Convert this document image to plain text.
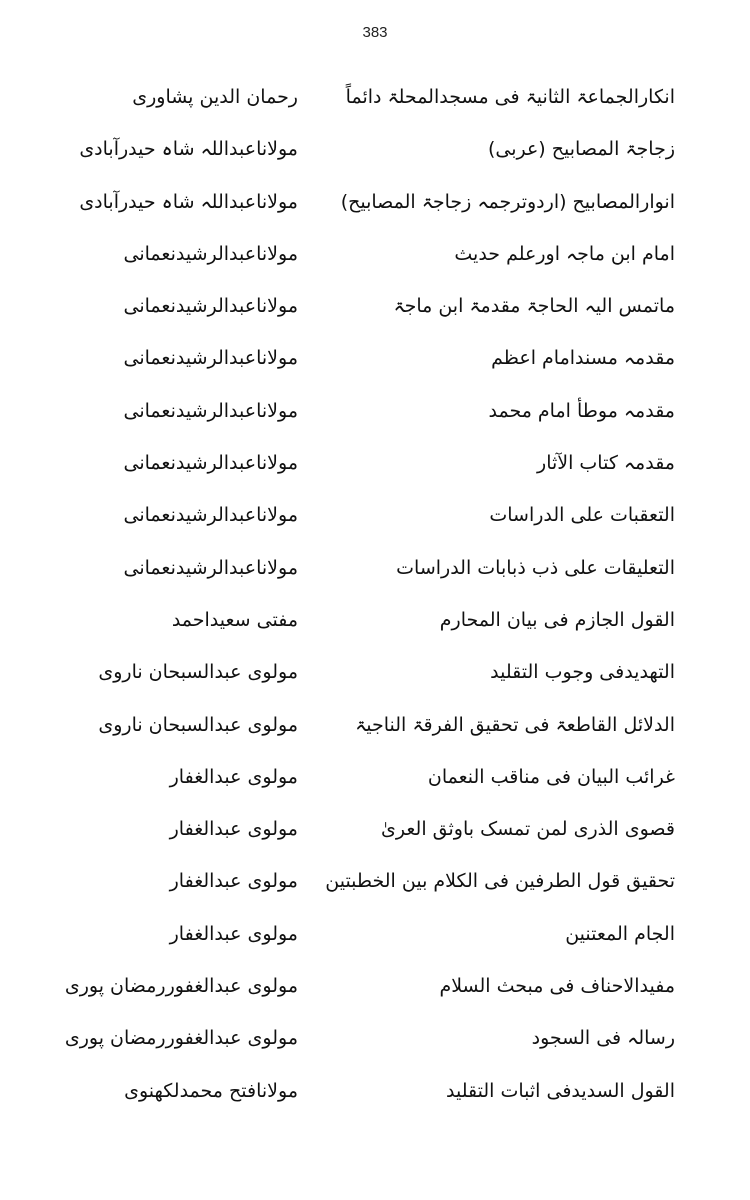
383
انکارالجماعۃ الثانیۃ فی مسجدالمحلۃ دائماً
رحمان الدین پشاوری
زجاجۃ المصابیح (عربی)
مولاناعبداللہ شاہ حیدرآبادی
انوارالمصابیح (اردوترجمہ زجاجۃ المصابیح)
مولاناعبداللہ شاہ حیدرآبادی
امام ابن ماجہ اورعلم حدیث
مولاناعبدالرشیدنعمانی
ماتمس الیہ الحاجۃ مقدمۃ ابن ماجۃ
مولاناعبدالرشیدنعمانی
مقدمہ مسندامام اعظم
مولاناعبدالرشیدنعمانی
مقدمہ موطأ امام محمد
مولاناعبدالرشیدنعمانی
مقدمہ کتاب الآثار
مولاناعبدالرشیدنعمانی
التعقبات علی الدراسات
مولاناعبدالرشیدنعمانی
التعلیقات علی ذب ذبابات الدراسات
مولاناعبدالرشیدنعمانی
القول الجازم فی بیان المحارم
مفتی سعیداحمد
التھدیدفی وجوب التقلید
مولوی عبدالسبحان ناروی
الدلائل القاطعۃ فی تحقیق الفرقۃ الناجیۃ
مولوی عبدالسبحان ناروی
غرائب البیان فی مناقب النعمان
مولوی عبدالغفار
قصوی الذری لمن تمسک باوثق العریٰ
مولوی عبدالغفار
تحقیق قول الطرفین فی الکلام بین الخطبتین
مولوی عبدالغفار
الجام المعتنین
مولوی عبدالغفار
مفیدالاحناف فی مبحث السلام
مولوی عبدالغفوررمضان پوری
رسالہ فی السجود
مولوی عبدالغفوررمضان پوری
القول السدیدفی اثبات التقلید
مولانافتح محمدلکھنوی
